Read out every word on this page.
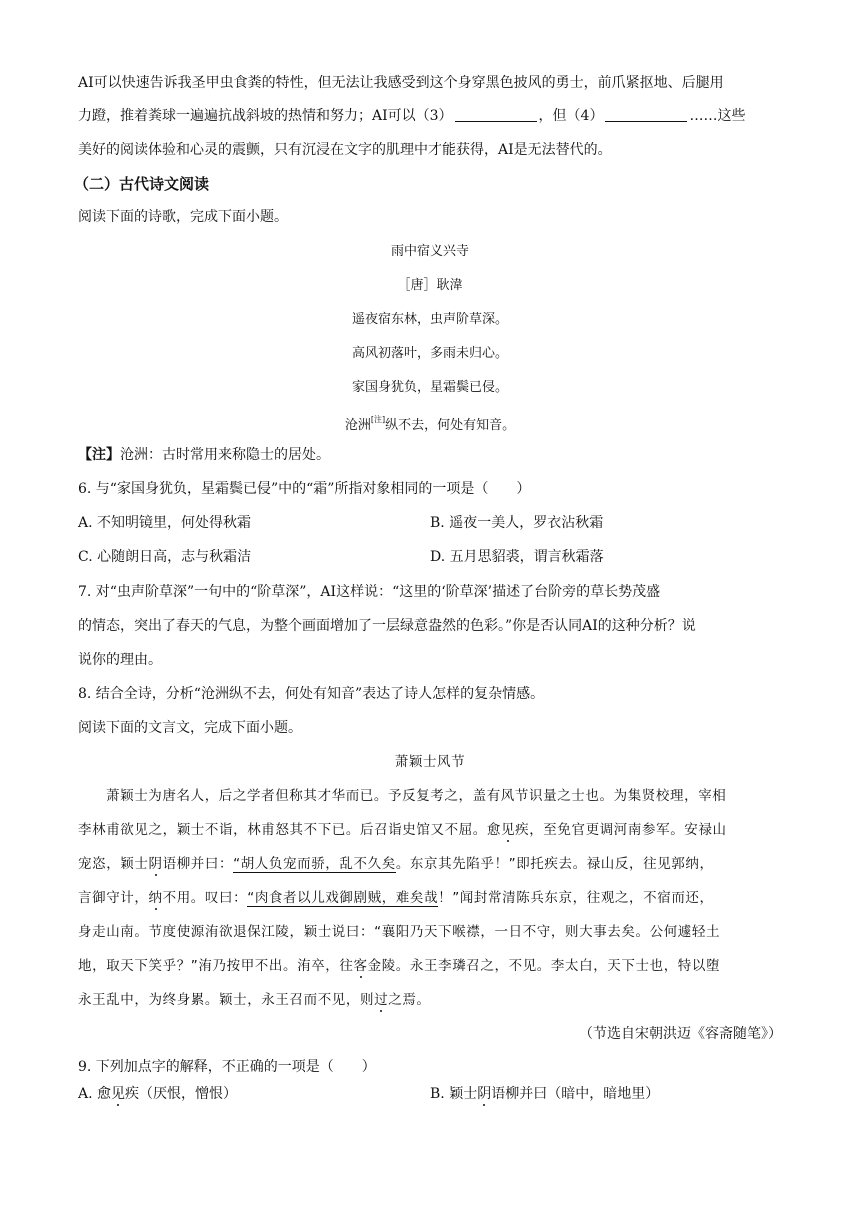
AI可以快速告诉我圣甲虫食粪的特性，但无法让我感受到这个身穿黑色披风的勇士，前爪紧抠地、后腿用
力蹬，推着粪球一遍遍抗战斜坡的热情和努力；AI可以（3）	，但（4）	……这些
美好的阅读体验和心灵的震颤，只有沉浸在文字的肌理中才能获得，AI是无法替代的。
（二）古代诗文阅读
阅读下面的诗歌，完成下面小题。
雨中宿义兴寺
［唐］耿湋
遥夜宿东林，虫声阶草深。
高风初落叶，多雨未归心。
家国身犹负，星霜鬓已侵。
沧洲[注]纵不去，何处有知音。
【注】沧洲：古时常用来称隐士的居处。
6. 与“家国身犹负，星霜鬓已侵”中的“霜”所指对象相同的一项是（　　）
A. 不知明镜里，何处得秋霜	B. 遥夜一美人，罗衣沾秋霜
C. 心随朗日高，志与秋霜洁	D. 五月思貂裘，谓言秋霜落
7. 对“虫声阶草深”一句中的“阶草深”，AI这样说：“这里的‘阶草深’描述了台阶旁的草长势茂盛
的情态，突出了春天的气息，为整个画面增加了一层绿意盎然的色彩。”你是否认同AI的这种分析？说
说你的理由。
8. 结合全诗，分析“沧洲纵不去，何处有知音”表达了诗人怎样的复杂情感。
阅读下面的文言文，完成下面小题。
萧颖士风节
萧颖士为唐名人，后之学者但称其才华而已。予反复考之，盖有风节识量之士也。为集贤校理，宰相
李林甫欲见之，颖士不诣，林甫怒其不下已。后召诣史馆又不屈。愈见疾，至免官更调河南参军。安禄山
宠恣，颖士阴语柳并曰：“胡人负宠而骄，乱不久矣。东京其先陷乎！”即托疾去。禄山反，往见郭纳，
言御守计，纳不用。叹曰：“肉食者以儿戏御剧贼，难矣哉！”闻封常清陈兵东京，往观之，不宿而还，
身走山南。节度使源洧欲退保江陵，颖士说曰：“襄阳乃天下喉襟，一日不守，则大事去矣。公何遽轻土
地，取天下笑乎？”洧乃按甲不出。洧卒，往客金陵。永王李璘召之，不见。李太白，天下士也，特以堕
永王乱中，为终身累。颖士，永王召而不见，则过之焉。
（节选自宋朝洪迈《容斋随笔》）
9. 下列加点字的解释，不正确的一项是（　　）
A. 愈见疾（厌恨，憎恨）	B. 颖士阴语柳并曰（暗中，暗地里）
